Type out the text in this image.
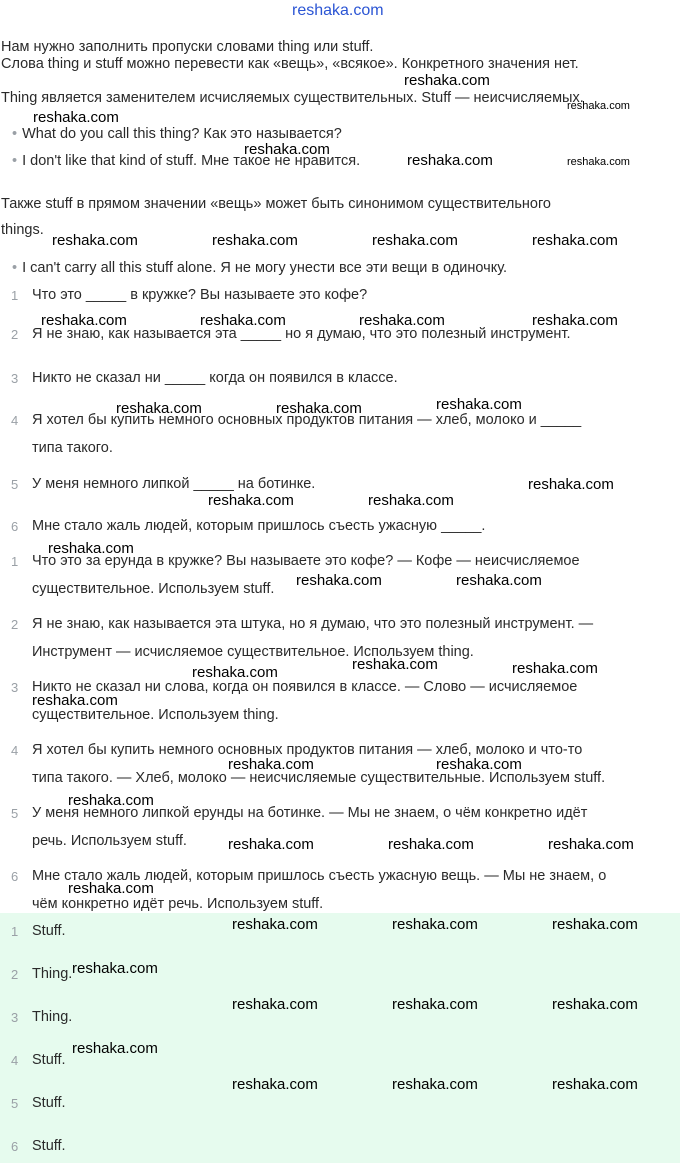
reshaka.com
Нам нужно заполнить пропуски словами thing или stuff.
Слова thing и stuff можно перевести как «вещь», «всякое». Конкретного значения нет.
Thing является заменителем исчисляемых существительных. Stuff — неисчисляемых.
• What do you call this thing? Как это называется?
• I don't like that kind of stuff. Мне такое не нравится.
Также stuff в прямом значении «вещь» может быть синонимом существительного
things.
• I can't carry all this stuff alone. Я не могу унести все эти вещи в одиночку.
1 Что это _____ в кружке? Вы называете это кофе?
2 Я не знаю, как называется эта _____ но я думаю, что это полезный инструмент.
3 Никто не сказал ни _____ когда он появился в классе.
4 Я хотел бы купить немного основных продуктов питания — хлеб, молоко и _____
типа такого.
5 У меня немного липкой _____ на ботинке.
6 Мне стало жаль людей, которым пришлось съесть ужасную _____.
1 Что это за ерунда в кружке? Вы называете это кофе? — Кофе — неисчисляемое
существительное. Используем stuff.
2 Я не знаю, как называется эта штука, но я думаю, что это полезный инструмент. —
Инструмент — исчисляемое существительное. Используем thing.
3 Никто не сказал ни слова, когда он появился в классе. — Слово — исчисляемое
существительное. Используем thing.
4 Я хотел бы купить немного основных продуктов питания — хлеб, молоко и что-то
типа такого. — Хлеб, молоко — неисчисляемые существительные. Используем stuff.
5 У меня немного липкой ерунды на ботинке. — Мы не знаем, о чём конкретно идёт
речь. Используем stuff.
6 Мне стало жаль людей, которым пришлось съесть ужасную вещь. — Мы не знаем, о
чём конкретно идёт речь. Используем stuff.
1 Stuff.
2 Thing.
3 Thing.
4 Stuff.
5 Stuff.
6 Stuff.
reshaka.com
reshaka.com
reshaka.com
reshaka.com
reshaka.com	reshaka.com
reshaka.com	reshaka.com	reshaka.com	reshaka.com
reshaka.com	reshaka.com	reshaka.com	reshaka.com
reshaka.com	reshaka.com	reshaka.com
reshaka.com	reshaka.com
reshaka.com
reshaka.com
reshaka.com	reshaka.com
reshaka.com
reshaka.com	reshaka.com
reshaka.com
reshaka.com	reshaka.com
reshaka.com
reshaka.com	reshaka.com	reshaka.com
reshaka.com
reshaka.com	reshaka.com	reshaka.com
reshaka.com
reshaka.com	reshaka.com	reshaka.com
reshaka.com
reshaka.com	reshaka.com	reshaka.com
